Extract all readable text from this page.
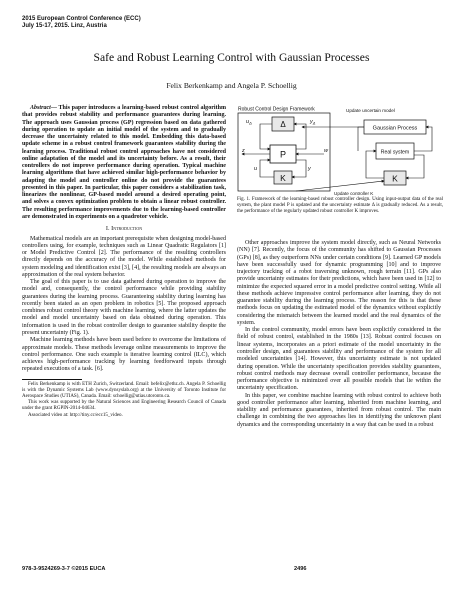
2015 European Control Conference (ECC)
July 15-17, 2015. Linz, Austria
Safe and Robust Learning Control with Gaussian Processes
Felix Berkenkamp and Angela P. Schoellig

Abstract— This paper introduces a learning-based robust control algorithm that provides robust stability and performance guarantees during learning. The approach uses Gaussian process (GP) regression based on data gathered during operation to update an initial model of the system and to gradually decrease the uncertainty related to this model. Embedding this data-based update scheme in a robust control framework guarantees stability during the learning process. Traditional robust control approaches have not considered online adaptation of the model and its uncertainty before. As a result, their controllers do not improve performance during operation. Typical machine learning algorithms that have achieved similar high-performance behavior by adapting the model and controller online do not provide the guarantees presented in this paper. In particular, this paper considers a stabilization task, linearizes the nonlinear, GP-based model around a desired operating point, and solves a convex optimization problem to obtain a linear robust controller. The resulting performance improvements due to the learning-based controller are demonstrated in experiments on a quadrotor vehicle.

I. Introduction

Mathematical models are an important prerequisite when designing model-based controllers using, for example, techniques such as Linear Quadratic Regulators [1] or Model Predictive Control [2]. The performance of the resulting controllers directly depends on the accuracy of the model. While established methods for system modeling and identification exist [3], [4], the resulting models are always an approximation of the real system behavior.

The goal of this paper is to use data gathered during operation to improve the model and, consequently, the control performance while providing stability guarantees during the learning process. Guaranteeing stability during learning has recently been stated as an open problem in robotics [5]. The proposed approach combines robust control theory with machine learning, where the latter updates the model and model uncertainty based on data obtained during operation. This information is used in the robust controller design to guarantee stability despite the present uncertainty (Fig. 1).

Machine learning methods have been used before to overcome the limitations of approximate models. These methods leverage online measurements to improve the control performance. One such example is iterative learning control (ILC), which achieves high-performance tracking by learning feedforward inputs through repeated executions of a task. [6].

Felix Berkenkamp is with ETH Zurich, Switzerland. Email: befelix@ethz.ch. Angela P. Schoellig is with the Dynamic Systems Lab (www.dynsyslab.org) at the University of Toronto Institute for Aerospace Studies (UTIAS), Canada. Email: schoellig@utias.utoronto.ca.

This work was supported by the Natural Sciences and Engineering Research Council of Canada under the grant RGPIN-2014-04634.

Associated video at: http://tiny.cc/ecc15_video.

Robust Control Design Framework
Δ
P
K
$u_\Delta$	$y_\Delta$
w
z
y
u
Update uncertain model
Gaussian Process
Real system
K
Update controller K
Fig. 1. Framework of the learning-based robust controller design. Using input-output data of the real system, the plant model P is updated and the uncertainty estimate Δ is gradually reduced. As a result, the performance of the regularly updated robust controller K improves.

Other approaches improve the system model directly, such as Neural Networks (NN) [7]. Recently, the focus of the community has shifted to Gaussian Processes (GPs) [8], as they outperform NNs under certain conditions [9]. Learned GP models have been successfully used for dynamic programming [10] and to improve trajectory tracking of a robot traversing unknown, rough terrain [11]. GPs also provide uncertainty estimates for their predictions, which have been used in [12] to minimize the expected squared error in a model predictive control setting. While all these methods achieve impressive control performance after learning, they do not guarantee stability during the learning process. The reason for this is that these methods focus on updating the estimated model of the dynamics without explicitly considering the mismatch between the learned model and the real dynamics of the system.

In the control community, model errors have been explicitly considered in the field of robust control, established in the 1980s [13]. Robust control focuses on linear systems, incorporates an a priori estimate of the model uncertainty in the controller design, and guarantees stability and performance of the system for all modeled uncertainties [14]. However, this uncertainty estimate is not updated during operation. While the uncertainty specification provides stability guarantees, robust control methods may decrease overall controller performance, because the performance objective is minimized over all possible models that lie within the uncertainty specification.

In this paper, we combine machine learning with robust control to achieve both good controller performance after learning, inherited from machine learning, and stability and performance guarantees, inherited from robust control. The main challenge in combining the two approaches lies in identifying the unknown plant dynamics and the corresponding uncertainty in a way that can be used in a robust

978-3-9524269-3-7 ©2015 EUCA	2496
